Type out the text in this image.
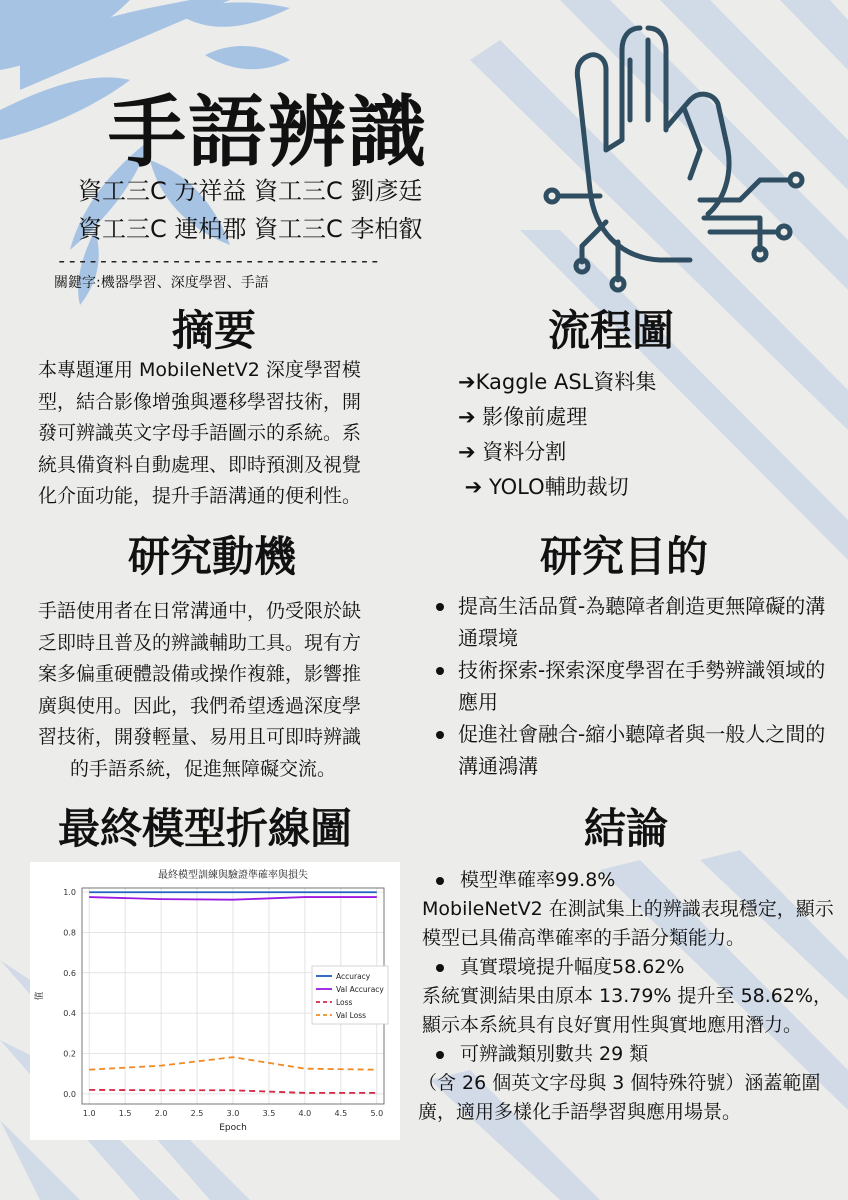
手語辨識
資工三C 方祥益 資工三C 劉彥廷
資工三C 連柏郡 資工三C 李柏叡
-------------------------------
關鍵字:機器學習、深度學習、手語
摘要
本專題運用 MobileNetV2 深度學習模
型，結合影像增強與遷移學習技術，開
發可辨識英文字母手語圖示的系統。系
統具備資料自動處理、即時預測及視覺
化介面功能，提升手語溝通的便利性。
流程圖
➔Kaggle ASL資料集
➔ 影像前處理
➔ 資料分割
➔ YOLO輔助裁切
研究動機
手語使用者在日常溝通中，仍受限於缺
乏即時且普及的辨識輔助工具。現有方
案多偏重硬體設備或操作複雜，影響推
廣與使用。因此，我們希望透過深度學
習技術，開發輕量、易用且可即時辨識
的手語系統，促進無障礙交流。
研究目的
提高生活品質-為聽障者創造更無障礙的溝通環境
技術探索-探索深度學習在手勢辨識領域的應用
促進社會融合-縮小聽障者與一般人之間的溝通鴻溝
最終模型折線圖
最終模型訓練與驗證準確率與損失
1.0	1.5	2.0	2.5	3.0	3.5	4.0	4.5	5.0
0.0
0.2
0.4
0.6
0.8
1.0
Epoch
值
Accuracy
Val Accuracy
Loss
Val Loss
結論
模型準確率99.8%
MobileNetV2 在測試集上的辨識表現穩定，顯示模型已具備高準確率的手語分類能力。
真實環境提升幅度58.62%
系統實測結果由原本 13.79% 提升至 58.62%，顯示本系統具有良好實用性與實地應用潛力。
可辨識類別數共 29 類
（含 26 個英文字母與 3 個特殊符號）涵蓋範圍廣，適用多樣化手語學習與應用場景。
